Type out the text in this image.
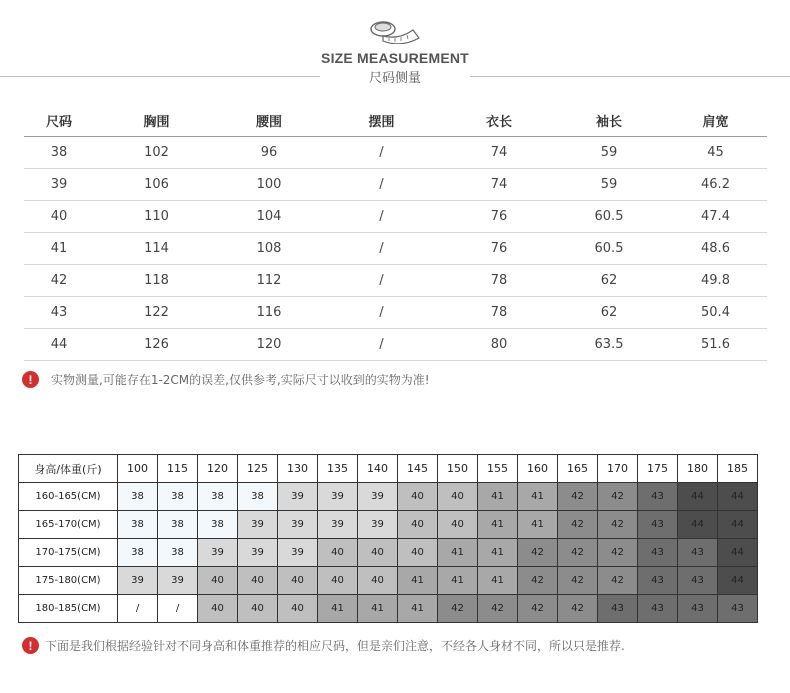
SIZE MEASUREMENT
尺码侧量
尺码	胸围	腰围	摆围	衣长	袖长	肩宽
38	102	96	/	74	59	45
39	106	100	/	74	59	46.2
40	110	104	/	76	60.5	47.4
41	114	108	/	76	60.5	48.6
42	118	112	/	78	62	49.8
43	122	116	/	78	62	50.4
44	126	120	/	80	63.5	51.6
!	实物测量,可能存在1-2CM的误差,仅供参考,实际尺寸以收到的实物为准!
身高/体重(斤)	100	115	120	125	130	135	140	145	150	155	160	165	170	175	180	185
160-165(CM)	38	38	38	38	39	39	39	40	40	41	41	42	42	43	44	44
165-170(CM)	38	38	38	39	39	39	39	40	40	41	41	42	42	43	44	44
170-175(CM)	38	38	39	39	39	40	40	40	41	41	42	42	42	43	43	44
175-180(CM)	39	39	40	40	40	40	40	41	41	41	42	42	42	43	43	44
180-185(CM)	/	/	40	40	40	41	41	41	42	42	42	42	43	43	43	43
!	下面是我们根据经验针对不同身高和体重推荐的相应尺码，但是亲们注意，不经各人身材不同，所以只是推荐.
